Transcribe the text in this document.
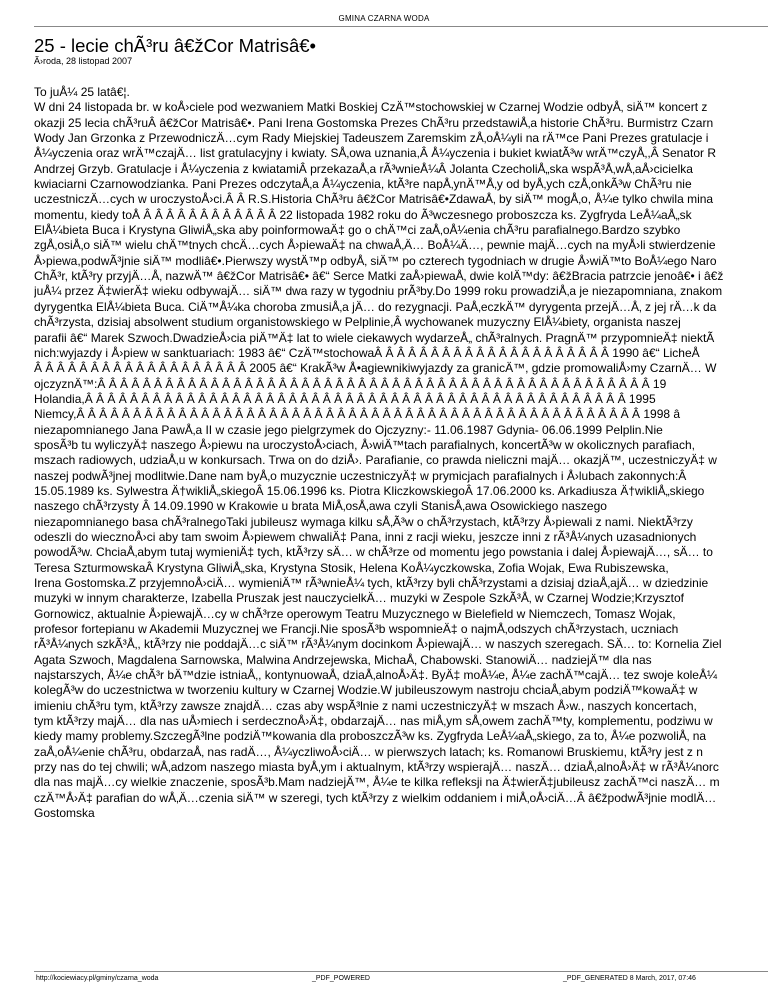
GMINA CZARNA WODA
25 - lecie chÃ³ru â€žCor Matrisâ€•
Ã›roda, 28 listopad 2007
To juÅ¼ 25 latâ€¦.
W dni 24 listopada br. w koÅ›ciele pod wezwaniem Matki Boskiej CzÄ™stochowskiej w Czarnej Wodzie odbyÅ‚ siÄ™ koncert z
okazji 25 lecia chÃ³ruÂ â€žCor Matrisâ€•. Pani Irena Gostomska Prezes ChÃ³ru przedstawiÅ‚a historie ChÃ³ru. Burmistrz Czarn
Wody Jan Grzonka z PrzewodniczÄ…cym Rady Miejskiej Tadeuszem Zaremskim zÅ‚oÅ¼yli na rÄ™ce Pani Prezes gratulacje i
Å¼yczenia oraz wrÄ™czajÄ… list gratulacyjny i kwiaty. SÅ‚owa uznania,Â Å¼yczenia i bukiet kwiatÃ³w wrÄ™czyÅ‚,Â Senator R
Andrzej Grzyb. Gratulacje i Å¼yczenia z kwiatamiÂ przekazaÅ‚a rÃ³wnieÅ¼Â Jolanta CzecholiÅ„ska wspÃ³Å‚wÅ‚aÅ›cicielka
kwiaciarni Czarnowodzianka. Pani Prezes odczytaÅ‚a Å¼yczenia, ktÃ³re napÅ‚ynÄ™Å‚y od byÅ‚ych czÅ‚onkÃ³w ChÃ³ru nie
uczestniczÄ…cych w uroczystoÅ›ci.Â Â R.S.Historia ChÃ³ru â€žCor Matrisâ€•ZdawaÅ‚ by siÄ™ mogÅ‚o, Å¼e tylko chwila mina
momentu, kiedy toÅ Â Â Â Â Â Â Â Â Â Â Â Â 22 listopada 1982 roku do Ã³wczesnego proboszcza ks. Zygfryda LeÅ¼aÅ„sk
ElÅ¼bieta Buca i Krystyna GliwiÅ„ska aby poinformowaÄ‡ go o chÄ™ci zaÅ‚oÅ¼enia chÃ³ru parafialnego.Bardzo szybko
zgÅ‚osiÅ‚o siÄ™ wielu chÄ™tnych chcÄ…cych Å›piewaÄ‡ na chwaÅ‚Ä… BoÅ¼Ä…, pewnie majÄ…cych na myÅ›li stwierdzenie
Å›piewa,podwÃ³jnie siÄ™ modliâ€•.Pierwszy wystÄ™p odbyÅ‚ siÄ™ po czterech tygodniach w drugie Å›wiÄ™to BoÅ¼ego Naro
ChÃ³r, ktÃ³ry przyjÄ…Å‚ nazwÄ™ â€žCor Matrisâ€• â€“ Serce Matki zaÅ›piewaÅ‚ dwie kolÄ™dy: â€žBracia patrzcie jenoâ€• i â€ž
juÅ¼ przez Ä‡wierÄ‡ wieku odbywajÄ… siÄ™ dwa razy w tygodniu prÃ³by.Do 1999 roku prowadziÅ‚a je niezapomniana, znakom
dyrygentka ElÅ¼bieta Buca. CiÄ™Å¼ka choroba zmusiÅ‚a jÄ… do rezygnacji. PaÅ‚eczkÄ™ dyrygenta przejÄ…Å‚ z jej rÄ…k da
chÃ³rzysta, dzisiaj absolwent studium organistowskiego w Pelplinie,Â wychowanek muzyczny ElÅ¼biety, organista naszej
parafii â€“ Marek Szwoch.DwadzieÅ›cia piÄ™Ä‡ lat to wiele ciekawych wydarzeÅ„ chÃ³ralnych. PragnÄ™ przypomnieÄ‡ niektÃ
nich:wyjazdy i Å›piew w sanktuariach: 1983 â€“ CzÄ™stochowaÂ Â Â Â Â Â Â Â Â Â Â Â Â Â Â Â Â Â Â Â Â 1990 â€“ LicheÅ
Â Â Â Â Â Â Â Â Â Â Â Â Â Â Â Â Â Â Â 2005 â€“ KrakÃ³w Å•agiewnikiwyjazdy za granicÄ™, gdzie promowaliÅ›my CzarnÄ… W
ojczyznÄ™:Â Â Â Â Â Â Â Â Â Â Â Â Â Â Â Â Â Â Â Â Â Â Â Â Â Â Â Â Â Â Â Â Â Â Â Â Â Â Â Â Â Â Â Â Â Â Â Â Â 19
Holandia,Â Â Â Â Â Â Â Â Â Â Â Â Â Â Â Â Â Â Â Â Â Â Â Â Â Â Â Â Â Â Â Â Â Â Â Â Â Â Â Â Â Â Â Â Â Â Â Â 1995
Niemcy,Â Â Â Â Â Â Â Â Â Â Â Â Â Â Â Â Â Â Â Â Â Â Â Â Â Â Â Â Â Â Â Â Â Â Â Â Â Â Â Â Â Â Â Â Â Â Â Â Â Â 1998 â
niezapomnianego Jana PawÅ‚a II w czasie jego pielgrzymek do Ojczyzny:- 11.06.1987 Gdynia- 06.06.1999 Pelplin.Nie
sposÃ³b tu wyliczyÄ‡ naszego Å›piewu na uroczystoÅ›ciach, Å›wiÄ™tach parafialnych, koncertÃ³w w okolicznych parafiach,
mszach radiowych, udziaÅ‚u w konkursach. Trwa on do dziÅ›. Parafianie, co prawda nieliczni majÄ… okazjÄ™, uczestniczyÄ‡ w
naszej podwÃ³jnej modlitwie.Dane nam byÅ‚o muzycznie uczestniczyÄ‡ w prymicjach parafialnych i Å›lubach zakonnych:Â
15.05.1989 ks. Sylwestra Ä†wikliÅ„skiegoÂ 15.06.1996 ks. Piotra KliczkowskiegoÂ 17.06.2000 ks. Arkadiusza Ä†wikliÅ„skiego
naszego chÃ³rzysty Â 14.09.1990 w Krakowie u brata MiÅ‚osÅ‚awa czyli StanisÅ‚awa Osowickiego naszego
niezapomnianego basa chÃ³ralnegoTaki jubileusz wymaga kilku sÅ‚Ã³w o chÃ³rzystach, ktÃ³rzy Å›piewali z nami. NiektÃ³rzy
odeszli do wiecznoÅ›ci aby tam swoim Å›piewem chwaliÄ‡ Pana, inni z racji wieku, jeszcze inni z rÃ³Å¼nych uzasadnionych
powodÃ³w. ChciaÅ‚abym tutaj wymieniÄ‡ tych, ktÃ³rzy sÄ… w chÃ³rze od momentu jego powstania i dalej Å›piewajÄ…, sÄ… to
Teresa SzturmowskaÂ Krystyna GliwiÅ„ska, Krystyna Stosik, Helena KoÅ¼yczkowska, Zofia Wojak, Ewa Rubiszewska,
Irena Gostomska.Z przyjemnoÅ›ciÄ… wymieniÄ™ rÃ³wnieÅ¼ tych, ktÃ³rzy byli chÃ³rzystami a dzisiaj dziaÅ‚ajÄ… w dziedzinie
muzyki w innym charakterze, Izabella Pruszak jest nauczycielkÄ… muzyki w Zespole SzkÃ³Å‚ w Czarnej Wodzie;Krzysztof
Gornowicz, aktualnie Å›piewajÄ…cy w chÃ³rze operowym Teatru Muzycznego w Bielefield w Niemczech, Tomasz Wojak,
profesor fortepianu w Akademii Muzycznej we Francji.Nie sposÃ³b wspomnieÄ‡ o najmÅ‚odszych chÃ³rzystach, uczniach
rÃ³Å¼nych szkÃ³Å‚, ktÃ³rzy nie poddajÄ…c siÄ™ rÃ³Å¼nym docinkom Å›piewajÄ… w naszych szeregach. SÄ… to: Kornelia Ziel
Agata Szwoch, Magdalena Sarnowska, Malwina Andrzejewska, MichaÅ‚ Chabowski. StanowiÄ… nadziejÄ™ dla nas
najstarszych, Å¼e chÃ³r bÄ™dzie istniaÅ‚, kontynuowaÅ‚ dziaÅ‚alnoÅ›Ä‡. ByÄ‡ moÅ¼e, Å¼e zachÄ™cajÄ… tez swoje koleÅ¼
kolegÃ³w do uczestnictwa w tworzeniu kultury w Czarnej Wodzie.W jubileuszowym nastroju chciaÅ‚abym podziÄ™kowaÄ‡ w
imieniu chÃ³ru tym, ktÃ³rzy zawsze znajdÄ… czas aby wspÃ³lnie z nami uczestniczyÄ‡ w mszach Å›w., naszych koncertach,
tym ktÃ³rzy majÄ… dla nas uÅ›miech i serdecznoÅ›Ä‡, obdarzajÄ… nas miÅ‚ym sÅ‚owem zachÄ™ty, komplementu, podziwu w
kiedy mamy problemy.SzczegÃ³lne podziÄ™kowania dla proboszczÃ³w ks. Zygfryda LeÅ¼aÅ„skiego, za to, Å¼e pozwoliÅ‚ na
zaÅ‚oÅ¼enie chÃ³ru, obdarzaÅ‚ nas radÄ…, Å¼yczliwoÅ›ciÄ… w pierwszych latach; ks. Romanowi Bruskiemu, ktÃ³ry jest z n
przy nas do tej chwili; wÅ‚adzom naszego miasta byÅ‚ym i aktualnym, ktÃ³rzy wspierajÄ… naszÄ… dziaÅ‚alnoÅ›Ä‡ w rÃ³Å¼norc
dla nas majÄ…cy wielkie znaczenie, sposÃ³b.Mam nadziejÄ™, Å¼e te kilka refleksji na Ä‡wierÄ‡jubileusz zachÄ™ci naszÄ… m
czÄ™Å›Ä‡ parafian do wÅ‚Ä…czenia siÄ™ w szeregi, tych ktÃ³rzy z wielkim oddaniem i miÅ‚oÅ›ciÄ…Â â€žpodwÃ³jnie modlÄ…
Gostomska
http://kociewiacy.pl/gminy/czarna_woda	_PDF_POWERED	_PDF_GENERATED 8 March, 2017, 07:46
